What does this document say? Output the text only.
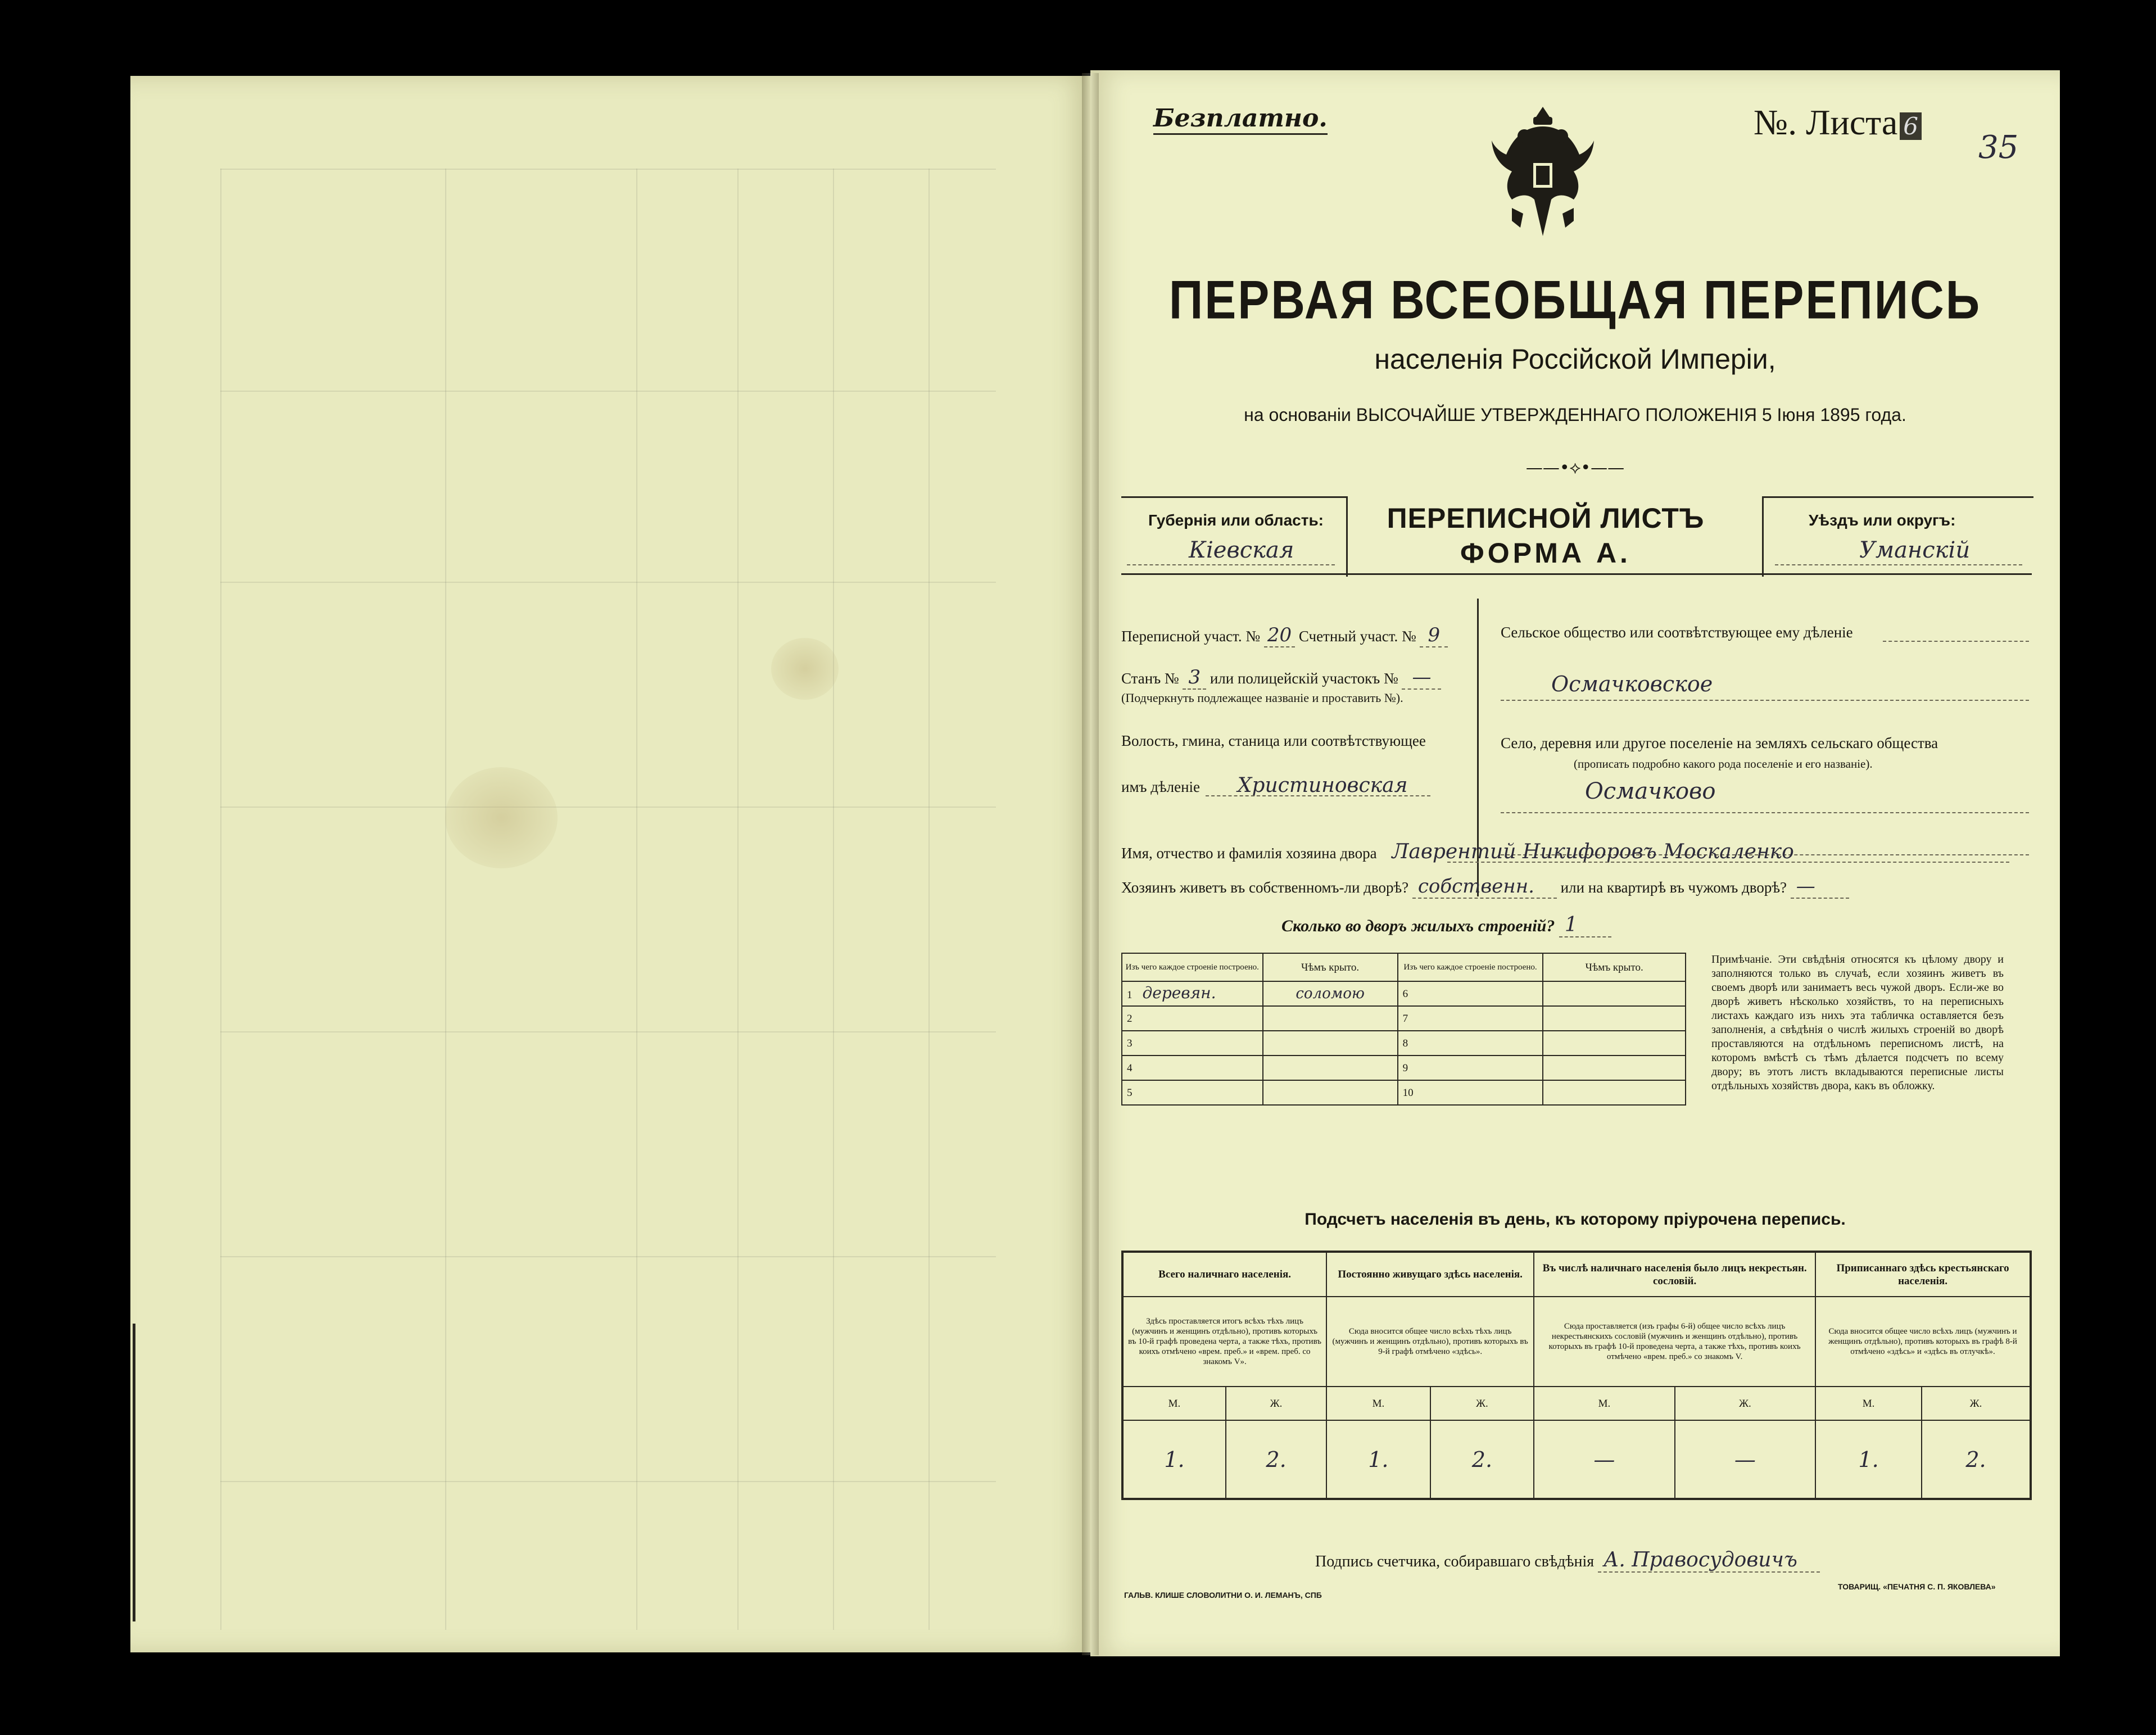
Безплатно.	№. Листа 6
35
ПЕРВАЯ ВСЕОБЩАЯ ПЕРЕПИСЬ
населенія Россійской Имперіи,
на основаніи ВЫСОЧАЙШЕ УТВЕРЖДЕННАГО ПОЛОЖЕНІЯ 5 Іюня 1895 года.
——•⟡•——
Губернія или область:
Кіевская
ПЕРЕПИСНОЙ ЛИСТЪ
ФОРМА А.
Уѣздъ или округъ:
Уманскій
Переписной участ. № 20 Счетный участ. № 9
Станъ № 3 или полицейскій участокъ № —
(Подчеркнуть подлежащее названіе и проставить №).
Волость, гмина, станица или соотвѣтствующее
имъ дѣленіе Христиновская
Сельское общество или соотвѣтствующее ему дѣленіе
Осмачковское
Село, деревня или другое поселеніе на земляхъ сельскаго общества
(прописать подробно какого рода поселеніе и его названіе).
Осмачково
Имя, отчество и фамилія хозяина двора Лаврентий Никифоровъ Москаленко
Хозяинъ живетъ въ собственномъ-ли дворѣ? собственн. или на квартирѣ въ чужомъ дворѣ? —
Сколько во дворъ жилыхъ строеній? 1
Изъ чего каждое строеніе построено.	Чѣмъ крыто.	Изъ чего каждое строеніе построено.	Чѣмъ крыто.
1 деревян.	соломою	6	
2		7	
3		8	
4		9	
5		10	
Примѣчаніе. Эти свѣдѣнія относятся къ цѣлому двору и заполняются только въ случаѣ, если хозяинъ живетъ въ своемъ дворѣ или занимаетъ весь чужой дворъ. Если-же во дворѣ живетъ нѣсколько хозяйствъ, то на переписныхъ листахъ каждаго изъ нихъ эта табличка оставляется безъ заполненія, а свѣдѣнія о числѣ жилыхъ строеній во дворѣ проставляются на отдѣльномъ переписномъ листѣ, на которомъ вмѣстѣ съ тѣмъ дѣлается подсчетъ по всему двору; въ этотъ листъ вкладываются переписные листы отдѣльныхъ хозяйствъ двора, какъ въ обложку.
Подсчетъ населенія въ день, къ которому пріурочена перепись.
Всего наличнаго населенія.		Постоянно живущаго здѣсь населенія.		Въ числѣ наличнаго населенія было лицъ некрестьян. сословій.		Приписаннаго здѣсь крестьянскаго населенія.	
Здѣсь проставляется итогъ всѣхъ тѣхъ лицъ (мужчинъ и женщинъ отдѣльно), противъ которыхъ въ 10-й графѣ проведена черта, а также тѣхъ, противъ коихъ отмѣчено «врем. преб.» и «врем. преб. со знакомъ V».		Сюда вносится общее число всѣхъ тѣхъ лицъ (мужчинъ и женщинъ отдѣльно), противъ которыхъ въ 9-й графѣ отмѣчено «здѣсь».		Сюда проставляется (изъ графы 6-й) общее число всѣхъ лицъ некрестьянскихъ сословій (мужчинъ и женщинъ отдѣльно), противъ которыхъ въ графѣ 10-й проведена черта, а также тѣхъ, противъ коихъ отмѣчено «врем. преб.» со знакомъ V.		Сюда вносится общее число всѣхъ лицъ (мужчинъ и женщинъ отдѣльно), противъ которыхъ въ графѣ 8-й отмѣчено «здѣсь» и «здѣсь въ отлучкѣ».	
М.	Ж.	М.	Ж.	М.	Ж.	М.	Ж.
1.	2.	1.	2.	—	—	1.	2.
Подпись счетчика, собиравшаго свѣдѣнія А. Правосудовичъ
ГАЛЬВ. КЛИШЕ СЛОВОЛИТНИ О. И. ЛЕМАНЪ, СПБ
ТОВАРИЩ. «ПЕЧАТНЯ С. П. ЯКОВЛЕВА»
